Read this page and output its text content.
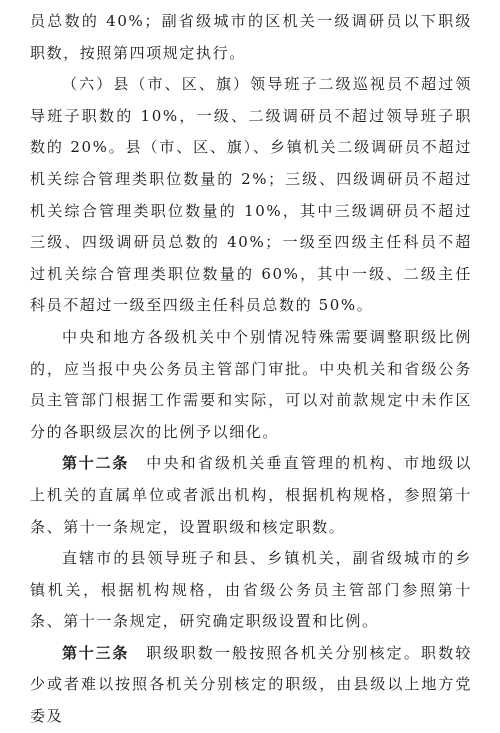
员总数的 40%；副省级城市的区机关一级调研员以下职级职数，按照第四项规定执行。

（六）县（市、区、旗）领导班子二级巡视员不超过领导班子职数的 10%，一级、二级调研员不超过领导班子职数的 20%。县（市、区、旗）、乡镇机关二级调研员不超过机关综合管理类职位数量的 2%；三级、四级调研员不超过机关综合管理类职位数量的 10%，其中三级调研员不超过三级、四级调研员总数的 40%；一级至四级主任科员不超过机关综合管理类职位数量的 60%，其中一级、二级主任科员不超过一级至四级主任科员总数的 50%。

中央和地方各级机关中个别情况特殊需要调整职级比例的，应当报中央公务员主管部门审批。中央机关和省级公务员主管部门根据工作需要和实际，可以对前款规定中未作区分的各职级层次的比例予以细化。

第十二条　中央和省级机关垂直管理的机构、市地级以上机关的直属单位或者派出机构，根据机构规格，参照第十条、第十一条规定，设置职级和核定职数。

直辖市的县领导班子和县、乡镇机关，副省级城市的乡镇机关，根据机构规格，由省级公务员主管部门参照第十条、第十一条规定，研究确定职级设置和比例。

第十三条　职级职数一般按照各机关分别核定。职数较少或者难以按照各机关分别核定的职级，由县级以上地方党委及
